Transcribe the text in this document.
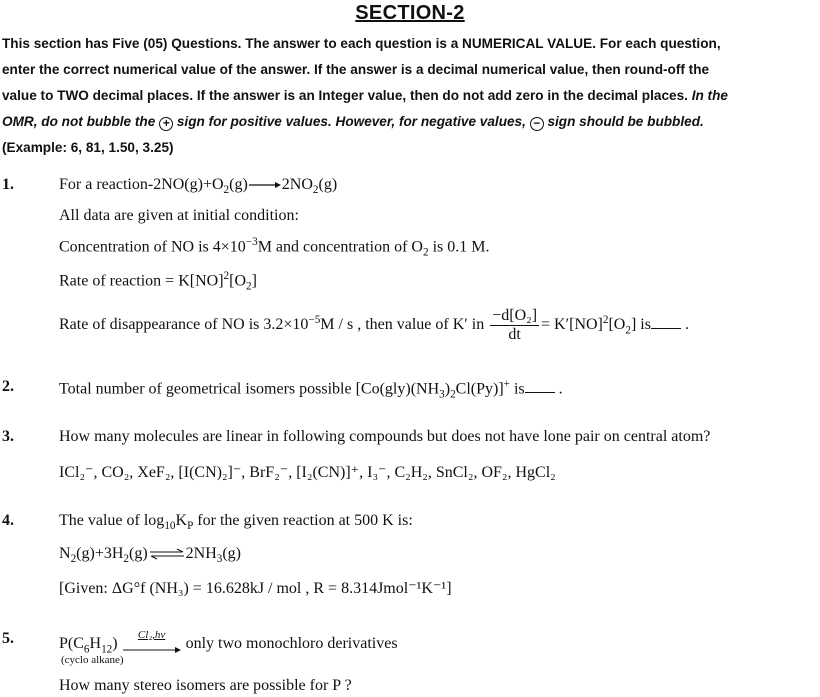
SECTION-2
This section has Five (05) Questions. The answer to each question is a NUMERICAL VALUE. For each question,
enter the correct numerical value of the answer. If the answer is a decimal numerical value, then round-off the
value to TWO decimal places. If the answer is an Integer value, then do not add zero in the decimal places. In the
OMR, do not bubble the + sign for positive values. However, for negative values, − sign should be bubbled.
(Example: 6, 81, 1.50, 3.25)
1.	For a reaction-$2NO(g)+O_2(g)\to 2NO_2(g)$
All data are given at initial condition:
Concentration of NO is $4\times 10^{-3}M$ and concentration of $O_2$ is 0.1 M.
Rate of reaction = $K[NO]^2[O_2]$
Rate of disappearance of NO is $3.2\times 10^{-5}M / s$ , then value of K′ in $\frac{\text{−d[O₂]}}{dt} = K'[NO]^2[O_2]$ is .
2.	Total number of geometrical isomers possible $[Co(gly)(NH_3)_2Cl(Py)]^+$ is .
3.	How many molecules are linear in following compounds but does not have lone pair on central atom?
ICl₂⁻, CO₂, XeF₂, [I(CN)₂]⁻, BrF₂⁻, [I₂(CN)]⁺, I₃⁻, C₂H₂, SnCl₂, OF₂, HgCl₂
4.	The value of $\log_{10}K_P$ for the given reaction at 500 K is:
$N_2(g)+3H_2(g)\rightleftharpoons 2NH_3(g)$
[Given: ΔG°f (NH₃) = 16.628kJ / mol , R = 8.314Jmol⁻¹K⁻¹]
5.	$P(C_6H_{12})$
Cl₂,hv
only two monochloro derivatives
(cyclo alkane)
How many stereo isomers are possible for P ?
